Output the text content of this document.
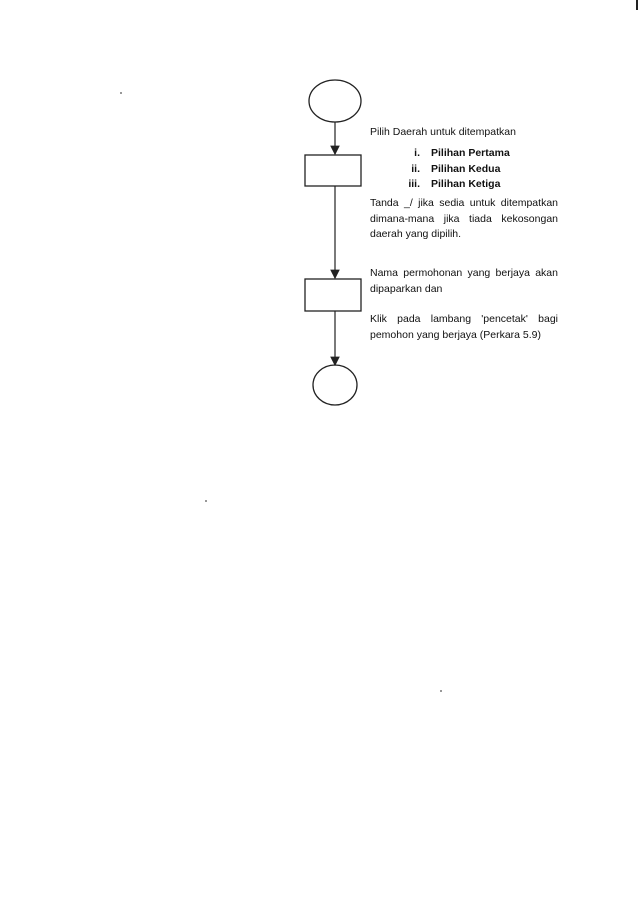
Pilih Daerah untuk ditempatkan

i. Pilihan Pertama
ii. Pilihan Kedua
iii. Pilihan Ketiga

Tanda _/ jika sedia untuk ditempatkan dimana-mana jika tiada kekosongan daerah yang dipilih.

Nama permohonan yang berjaya akan dipaparkan dan

Klik pada lambang 'pencetak' bagi pemohon yang berjaya (Perkara 5.9)
